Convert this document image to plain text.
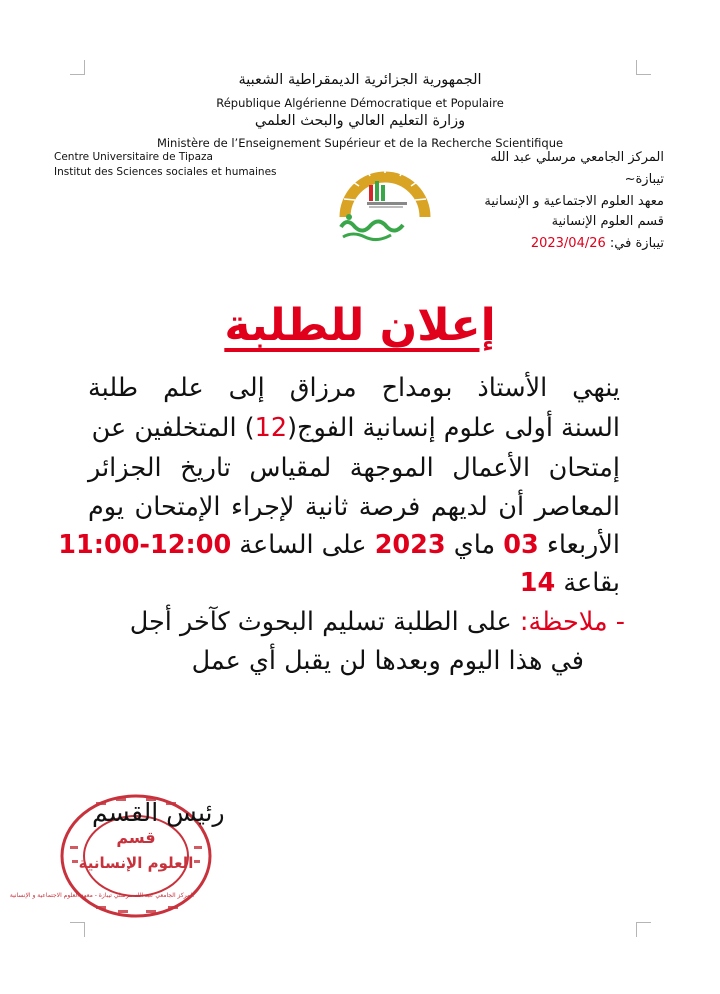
الجمهورية الجزائرية الديمقراطية الشعبية
République Algérienne Démocratique et Populaire
وزارة التعليم العالي والبحث العلمي
Ministère de l’Enseignement Supérieur et de la Recherche Scientifique
Centre Universitaire de Tipaza
Institut des Sciences sociales et humaines
المركز الجامعي مرسلي عبد الله
تيبازة~
معهد العلوم الاجتماعية و الإنسانية
قسم العلوم الإنسانية
تيبازة في: 2023/04/26
إعلان للطلبة
ينهي الأستاذ بومداح مرزاق إلى علم طلبة
السنة أولى علوم إنسانية الفوج(12) المتخلفين عن
إمتحان الأعمال الموجهة لمقياس تاريخ الجزائر
المعاصر أن لديهم فرصة ثانية لإجراء الإمتحان يوم
الأربعاء 03 ماي 2023 على الساعة 11:00-12:00
بقاعة 14
- ملاحظة: على الطلبة تسليم البحوث كآخر أجل
في هذا اليوم وبعدها لن يقبل أي عمل
قسم
العلوم الإنسانية
المركز الجامعي عبد الله مرسلي تيبازة - معهد العلوم الاجتماعية و الإنسانية
رئيس القسم
